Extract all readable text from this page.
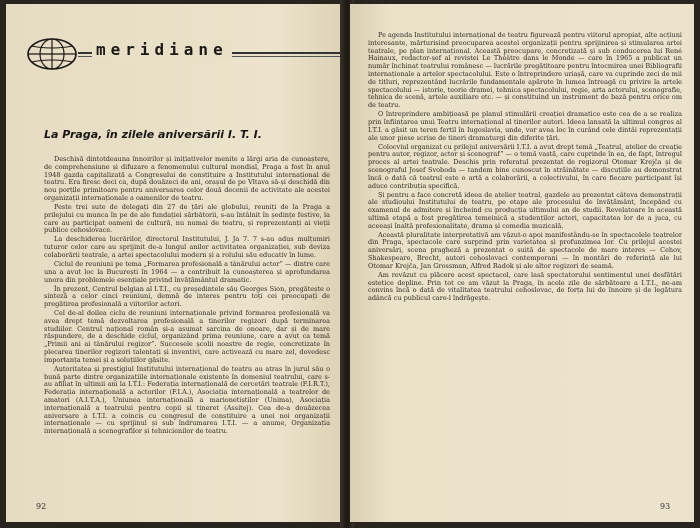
meridiane
La Praga, în zilele aniversării I. T. I.

Deschisă dintotdeauna înnoirilor și inițiativelor menite a lărgi aria de cunoaștere, de comprehensiune și difuzare a fenomenului cultural mondial, Praga a fost în anul 1948 gazda capitalizată a Congresului de constituire a Institutului internațional de teatru. Era firesc deci ca, după douăzeci de ani, orașul de pe Vltava să-și deschidă din nou porțile primitoare pentru aniversarea celor două decenii de activitate ale acestei organizații internaționale a oamenilor de teatru.

Peste trei sute de delegați din 27 de țări ale globului, reuniți de la Praga a prilejului cu munca în pe de ale fundației sărbătorii, s-au întâlnit în ședințe festive, la care au participat oameni de cultură, nu numai de teatru, și reprezentanți ai vieții publice cehoslovace.

La deschiderea lucrărilor, directorul Institutului, J. Ja 7. 7 s-au adus mulțumiri tuturor celor care au sprijinit de-a lungul anilor activitatea organizației, sub deviza colaborării teatrale, a artei spectacolului modern și a rolului său educativ în lume.

Ciclul de reuniuni pe tema „Formarea profesională a tânărului actor” — dintre care una a avut loc la București în 1964 — a contribuit la cunoașterea și aprofundarea unora din problemele esențiale privind învățământul dramatic.

În prezent, Centrul belgian al I.T.I., cu președintele său Georges Sion, pregătește o sinteză a celor cinci reuniuni, demnă de interes pentru toți cei preocupați de pregătirea profesională a viitorilor actori.

Cel de-al doilea ciclu de reuniuni internaționale privind formarea profesională va avea drept temă dezvoltarea profesională a tinerilor regizori după terminarea studiilor. Centrul național român și-a asumat sarcina de onoare, dar și de mare răspundere, de a deschide ciclul, organizând prima reuniune, care a avut ca temă „Primii ani ai tânărului regizor”. Succesele școlii noastre de regie, concretizate în plecarea tinerilor regizori talentați și inventivi, care activează cu mare zel, dovedesc importanța temei și a soluțiilor găsite.

Autoritatea și prestigiul Institutului internațional de teatru au atras în jurul său o bună parte dintre organizațiile internaționale existente în domeniul teatrului, care s-au afiliat în ultimii ani la I.T.I.: Federația internațională de cercetări teatrale (F.I.R.T.), Federația internațională a actorilor (F.I.A.), Asociația internațională a teatrelor de amatori (A.I.T.A.), Uniunea internațională a marionetiștilor (Unima), Asociația internațională a teatrului pentru copii și tineret (Assitej). Cea de-a douăzecea aniversare a I.T.I. a coincis cu congresul de constituire a unei noi organizații internaționale — cu sprijinul și sub îndrumarea I.T.I. — a anume, Organizația internațională a scenografilor și tehnicienilor de teatru.

92

Pe agenda Institutului internațional de teatru figurează pentru viitorul apropiat, alte acțiuni interesante, mărturisind preocuparea acestei organizații pentru sprijinirea și stimularea artei teatrale, pe plan internațional. Această preocupare, concretizată și sub conducerea lui René Hainaux, redactor-șef al revistei Le Théâtre dans le Monde — care în 1965 a publicat un număr închinat teatrului românesc — lucrările pregătitoare pentru întocmirea unei Bibliografii internaționale a artelor spectacolului. Este o întreprindere uriașă, care va cuprinde zeci de mii de titluri, reprezentând lucrările fundamentale apărute în lumea întreagă cu privire la artele spectacolului — istorie, teorie dramei, tehnica spectacolului, regie, arta actorului, scenografie, tehnica de scenă, artele auxiliare etc. — și constituind un instrument de bază pentru orice om de teatru.

O întreprindere ambițioasă pe planul stimulării creației dramatice este cea de a se realiza prin înființarea unui Teatru internațional al tinerilor autori. Ideea lansată la ultimul congres al I.T.I. a găsit un teren fertil în Iugoslavia, unde, vor avea loc în curând cele dintâi reprezentații ale unor piese scrise de tineri dramaturgi din diferite țări.

Colocviul organizat cu prilejul aniversării I.T.I. a avut drept temă „Teatrul, atelier de creație pentru autor, regizor, actor și scenograf” — o temă vastă, care cuprinde în ea, de fapt, întregul proces al artei teatrale. Deschis prin referatul prezentat de regizorul Otomar Krejča și de scenograful Josef Svoboda — tandem bine cunoscut în străinătate — discuțiile au demonstrat încă o dată că teatrul este o artă a colaborării, a colectivului, în care fiecare participant își aduce contribuția specifică.

Și pentru a face concretă ideea de atelier teatral, gazdele au prezentat câteva demonstrații ale studioului Institutului de teatru, pe etape ale procesului de învățământ, începând cu examenul de admitere și încheind cu producția ultimului an de studii. Revelatoare în această ultimă etapă a fost pregătirea temeinică a studenților actori, capacitatea lor de a juca, cu aceeași înaltă profesionalitate, drama și comedia muzicală.

Această pluralitate interpretativă am văzut-o apoi manifestându-se în spectacolele teatrelor din Praga, spectacole care surprind prin varietatea și profunzimea lor. Cu prilejul acestei aniversări, scena pragheză a prezentat o suită de spectacole de mare interes — Cehov, Shakespeare, Brecht, autori cehoslovaci contemporani — în montări de referință ale lui Otomar Krejča, Jan Grossman, Alfred Radok și ale altor regizori de seamă.

Am revăzut cu plăcere acest spectacol, care lasă spectatorului sentimentul unei desfătări estetice depline. Prin tot ce am văzut la Praga, în acele zile de sărbătoare a I.T.I., ne-am convins încă o dată de vitalitatea teatrului cehoslovac, de forța lui de înnoire și de legătura adâncă cu publicul care-l îndrăgește.

93
